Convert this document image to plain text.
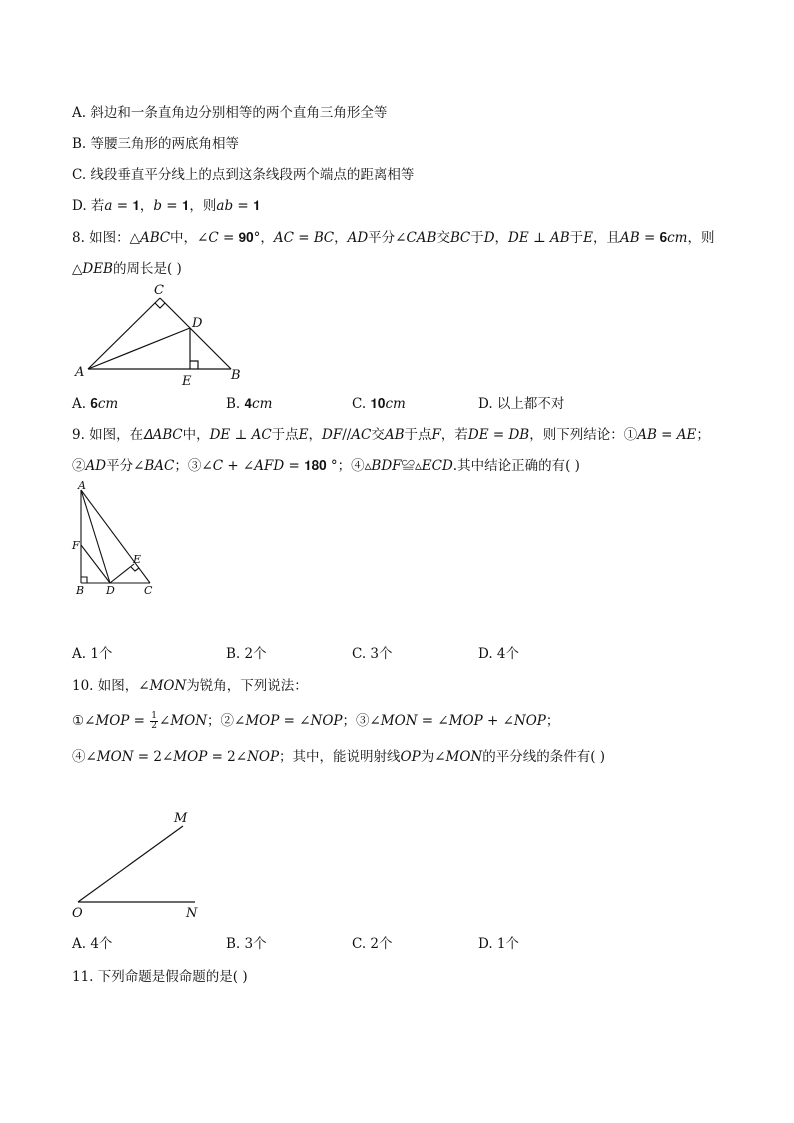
A. 斜边和一条直角边分别相等的两个直角三角形全等
B. 等腰三角形的两底角相等
C. 线段垂直平分线上的点到这条线段两个端点的距离相等
D. 若𝑎 = 𝟏，𝑏 = 𝟏，则𝑎𝑏 = 𝟏
8. 如图：△𝐴𝐵𝐶中，∠𝐶 = 𝟗𝟎°，𝐴𝐶 = 𝐵𝐶，𝐴𝐷平分∠𝐶𝐴𝐵交𝐵𝐶于𝐷，𝐷𝐸 ⊥ 𝐴𝐵于𝐸，且𝐴𝐵 = 𝟔𝑐𝑚，则
△𝐷𝐸𝐵的周长是( )
C
D
A
E	B
A. 𝟔𝑐𝑚	B. 𝟒𝑐𝑚	C. 𝟏𝟎𝑐𝑚	D. 以上都不对
9. 如图，在𝛥𝐴𝐵𝐶中，𝐷𝐸 ⊥ 𝐴𝐶于点𝐸，𝐷𝐹//𝐴𝐶交𝐴𝐵于点𝐹，若𝐷𝐸 = 𝐷𝐵，则下列结论：①𝐴𝐵 = 𝐴𝐸；
②𝐴𝐷平分∠𝐵𝐴𝐶；③∠𝐶 + ∠𝐴𝐹𝐷 = 𝟏𝟖𝟎 °；④▵𝐵𝐷𝐹≌▵𝐸𝐶𝐷.其中结论正确的有( )
A
F
E
B D	C
A. 1个	B. 2个	C. 3个	D. 4个
10. 如图，∠𝑀𝑂𝑁为锐角，下列说法：
①∠𝑀𝑂𝑃 = $\frac{1}{2}$ ∠𝑀𝑂𝑁；②∠𝑀𝑂𝑃 = ∠𝑁𝑂𝑃；③∠𝑀𝑂𝑁 = ∠𝑀𝑂𝑃 + ∠𝑁𝑂𝑃；
④∠𝑀𝑂𝑁 = 2∠𝑀𝑂𝑃 = 2∠𝑁𝑂𝑃；其中，能说明射线𝑂𝑃为∠𝑀𝑂𝑁的平分线的条件有( )
M
O	N
A. 4个	B. 3个	C. 2个	D. 1个
11. 下列命题是假命题的是( )
